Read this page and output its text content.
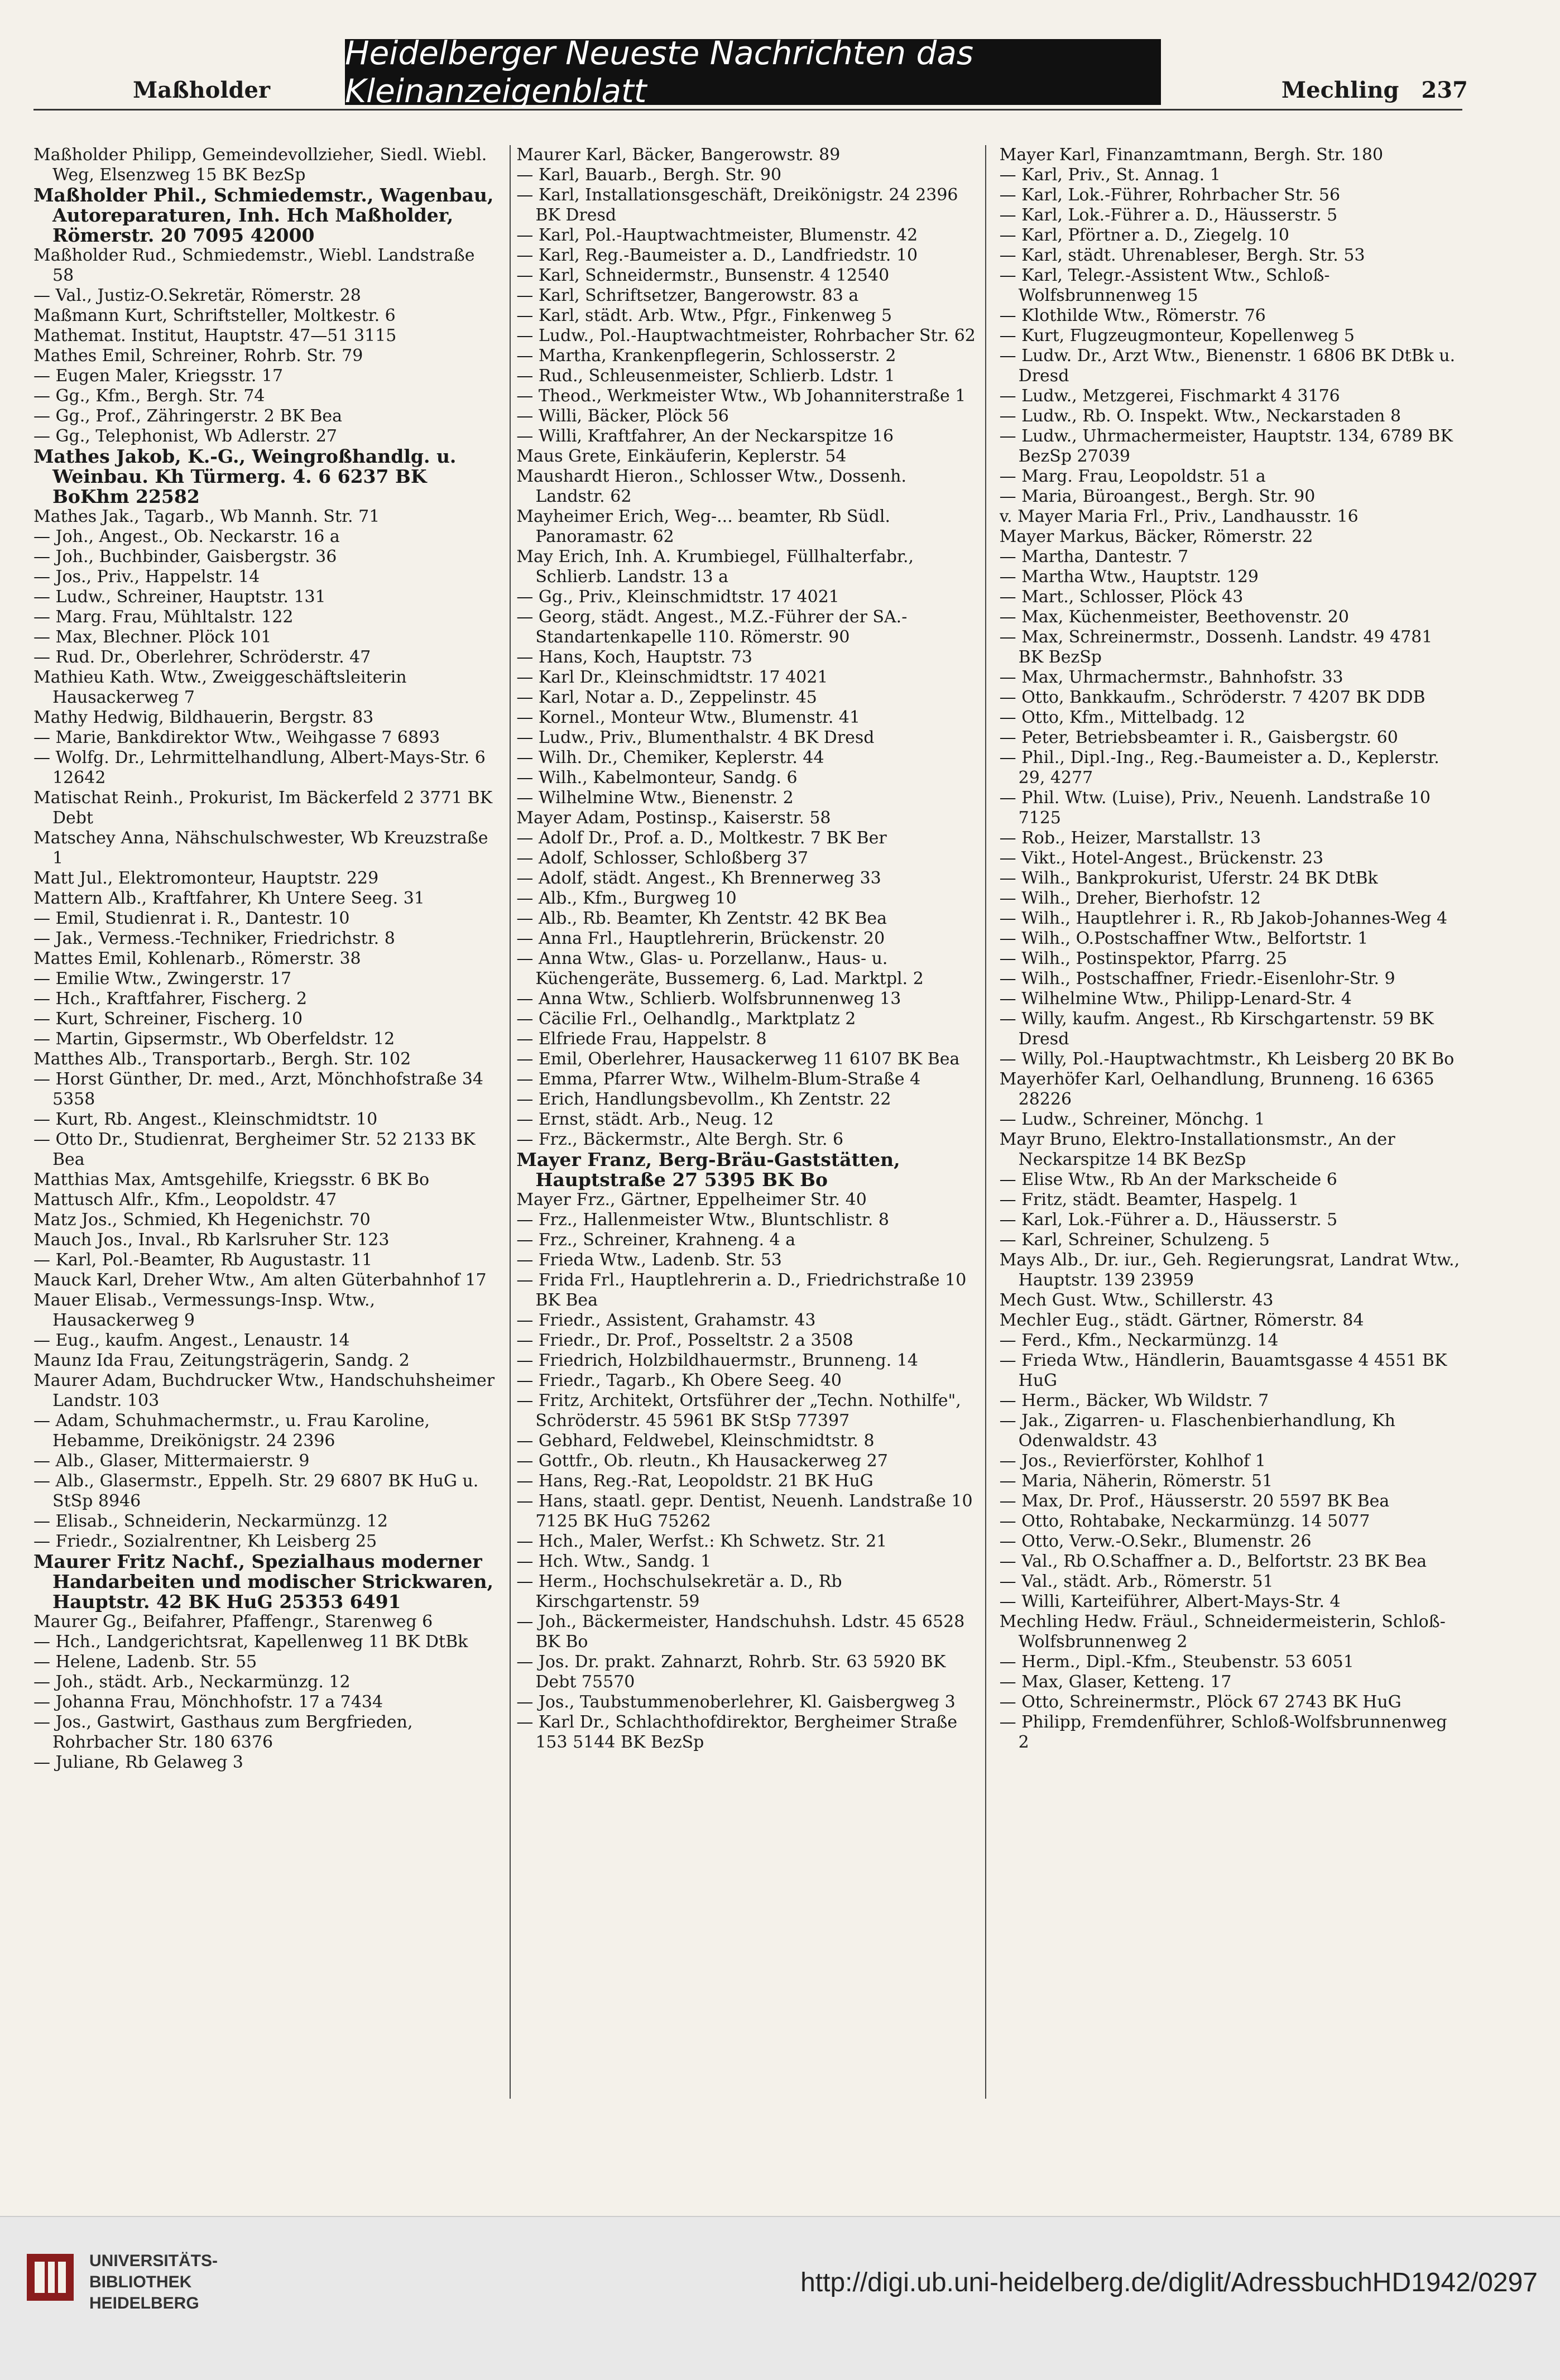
Maßholder
Heidelberger Neueste Nachrichten das Kleinanzeigenblatt	Mechling 237

Maßholder Philipp, Gemeindevollzieher, Siedl. Wiebl. Weg, Elsenzweg 15 BK BezSp

Maßholder Phil., Schmiedemstr., Wagenbau, Autoreparaturen, Inh. Hch Maßholder, Römerstr. 20 7095 42000

Maßholder Rud., Schmiedemstr., Wiebl. Landstraße 58

— Val., Justiz-O.Sekretär, Römerstr. 28

Maßmann Kurt, Schriftsteller, Moltkestr. 6

Mathemat. Institut, Hauptstr. 47—51 3115

Mathes Emil, Schreiner, Rohrb. Str. 79

— Eugen Maler, Kriegsstr. 17

— Gg., Kfm., Bergh. Str. 74

— Gg., Prof., Zähringerstr. 2 BK Bea

— Gg., Telephonist, Wb Adlerstr. 27

Mathes Jakob, K.-G., Weingroßhandlg. u. Weinbau. Kh Türmerg. 4. 6 6237 BK BoKhm 22582

Mathes Jak., Tagarb., Wb Mannh. Str. 71

— Joh., Angest., Ob. Neckarstr. 16 a

— Joh., Buchbinder, Gaisbergstr. 36

— Jos., Priv., Happelstr. 14

— Ludw., Schreiner, Hauptstr. 131

— Marg. Frau, Mühltalstr. 122

— Max, Blechner. Plöck 101

— Rud. Dr., Oberlehrer, Schröderstr. 47

Mathieu Kath. Wtw., Zweiggeschäftsleiterin Hausackerweg 7

Mathy Hedwig, Bildhauerin, Bergstr. 83

— Marie, Bankdirektor Wtw., Weihgasse 7 6893

— Wolfg. Dr., Lehrmittelhandlung, Albert-Mays-Str. 6 12642

Matischat Reinh., Prokurist, Im Bäckerfeld 2 3771 BK Debt

Matschey Anna, Nähschulschwester, Wb Kreuzstraße 1

Matt Jul., Elektromonteur, Hauptstr. 229

Mattern Alb., Kraftfahrer, Kh Untere Seeg. 31

— Emil, Studienrat i. R., Dantestr. 10

— Jak., Vermess.-Techniker, Friedrichstr. 8

Mattes Emil, Kohlenarb., Römerstr. 38

— Emilie Wtw., Zwingerstr. 17

— Hch., Kraftfahrer, Fischerg. 2

— Kurt, Schreiner, Fischerg. 10

— Martin, Gipsermstr., Wb Oberfeldstr. 12

Matthes Alb., Transportarb., Bergh. Str. 102

— Horst Günther, Dr. med., Arzt, Mönchhofstraße 34 5358

— Kurt, Rb. Angest., Kleinschmidtstr. 10

— Otto Dr., Studienrat, Bergheimer Str. 52 2133 BK Bea

Matthias Max, Amtsgehilfe, Kriegsstr. 6 BK Bo

Mattusch Alfr., Kfm., Leopoldstr. 47

Matz Jos., Schmied, Kh Hegenichstr. 70

Mauch Jos., Inval., Rb Karlsruher Str. 123

— Karl, Pol.-Beamter, Rb Augustastr. 11

Mauck Karl, Dreher Wtw., Am alten Güterbahnhof 17

Mauer Elisab., Vermessungs-Insp. Wtw., Hausackerweg 9

— Eug., kaufm. Angest., Lenaustr. 14

Maunz Ida Frau, Zeitungsträgerin, Sandg. 2

Maurer Adam, Buchdrucker Wtw., Handschuhsheimer Landstr. 103

— Adam, Schuhmachermstr., u. Frau Karoline, Hebamme, Dreikönigstr. 24 2396

— Alb., Glaser, Mittermaierstr. 9

— Alb., Glasermstr., Eppelh. Str. 29 6807 BK HuG u. StSp 8946

— Elisab., Schneiderin, Neckarmünzg. 12

— Friedr., Sozialrentner, Kh Leisberg 25

Maurer Fritz Nachf., Spezialhaus moderner Handarbeiten und modischer Strickwaren, Hauptstr. 42 BK HuG 25353 6491

Maurer Gg., Beifahrer, Pfaffengr., Starenweg 6

— Hch., Landgerichtsrat, Kapellenweg 11 BK DtBk

— Helene, Ladenb. Str. 55

— Joh., städt. Arb., Neckarmünzg. 12

— Johanna Frau, Mönchhofstr. 17 a 7434

— Jos., Gastwirt, Gasthaus zum Bergfrieden, Rohrbacher Str. 180 6376

— Juliane, Rb Gelaweg 3

Maurer Karl, Bäcker, Bangerowstr. 89

— Karl, Bauarb., Bergh. Str. 90

— Karl, Installationsgeschäft, Dreikönigstr. 24 2396 BK Dresd

— Karl, Pol.-Hauptwachtmeister, Blumenstr. 42

— Karl, Reg.-Baumeister a. D., Landfriedstr. 10

— Karl, Schneidermstr., Bunsenstr. 4 12540

— Karl, Schriftsetzer, Bangerowstr. 83 a

— Karl, städt. Arb. Wtw., Pfgr., Finkenweg 5

— Ludw., Pol.-Hauptwachtmeister, Rohrbacher Str. 62

— Martha, Krankenpflegerin, Schlosserstr. 2

— Rud., Schleusenmeister, Schlierb. Ldstr. 1

— Theod., Werkmeister Wtw., Wb Johanniterstraße 1

— Willi, Bäcker, Plöck 56

— Willi, Kraftfahrer, An der Neckarspitze 16

Maus Grete, Einkäuferin, Keplerstr. 54

Maushardt Hieron., Schlosser Wtw., Dossenh. Landstr. 62

Mayheimer Erich, Weg-... beamter, Rb Südl. Panoramastr. 62

May Erich, Inh. A. Krumbiegel, Füllhalterfabr., Schlierb. Landstr. 13 a

— Gg., Priv., Kleinschmidtstr. 17 4021

— Georg, städt. Angest., M.Z.-Führer der SA.-Standartenkapelle 110. Römerstr. 90

— Hans, Koch, Hauptstr. 73

— Karl Dr., Kleinschmidtstr. 17 4021

— Karl, Notar a. D., Zeppelinstr. 45

— Kornel., Monteur Wtw., Blumenstr. 41

— Ludw., Priv., Blumenthalstr. 4 BK Dresd

— Wilh. Dr., Chemiker, Keplerstr. 44

— Wilh., Kabelmonteur, Sandg. 6

— Wilhelmine Wtw., Bienenstr. 2

Mayer Adam, Postinsp., Kaiserstr. 58

— Adolf Dr., Prof. a. D., Moltkestr. 7 BK Ber

— Adolf, Schlosser, Schloßberg 37

— Adolf, städt. Angest., Kh Brennerweg 33

— Alb., Kfm., Burgweg 10

— Alb., Rb. Beamter, Kh Zentstr. 42 BK Bea

— Anna Frl., Hauptlehrerin, Brückenstr. 20

— Anna Wtw., Glas- u. Porzellanw., Haus- u. Küchengeräte, Bussemerg. 6, Lad. Marktpl. 2

— Anna Wtw., Schlierb. Wolfsbrunnenweg 13

— Cäcilie Frl., Oelhandlg., Marktplatz 2

— Elfriede Frau, Happelstr. 8

— Emil, Oberlehrer, Hausackerweg 11 6107 BK Bea

— Emma, Pfarrer Wtw., Wilhelm-Blum-Straße 4

— Erich, Handlungsbevollm., Kh Zentstr. 22

— Ernst, städt. Arb., Neug. 12

— Frz., Bäckermstr., Alte Bergh. Str. 6

Mayer Franz, Berg-Bräu-Gaststätten, Hauptstraße 27 5395 BK Bo

Mayer Frz., Gärtner, Eppelheimer Str. 40

— Frz., Hallenmeister Wtw., Bluntschlistr. 8

— Frz., Schreiner, Krahneng. 4 a

— Frieda Wtw., Ladenb. Str. 53

— Frida Frl., Hauptlehrerin a. D., Friedrichstraße 10 BK Bea

— Friedr., Assistent, Grahamstr. 43

— Friedr., Dr. Prof., Posseltstr. 2 a 3508

— Friedrich, Holzbildhauermstr., Brunneng. 14

— Friedr., Tagarb., Kh Obere Seeg. 40

— Fritz, Architekt, Ortsführer der „Techn. Nothilfe", Schröderstr. 45 5961 BK StSp 77397

— Gebhard, Feldwebel, Kleinschmidtstr. 8

— Gottfr., Ob. rleutn., Kh Hausackerweg 27

— Hans, Reg.-Rat, Leopoldstr. 21 BK HuG

— Hans, staatl. gepr. Dentist, Neuenh. Landstraße 10 7125 BK HuG 75262

— Hch., Maler, Werfst.: Kh Schwetz. Str. 21

— Hch. Wtw., Sandg. 1

— Herm., Hochschulsekretär a. D., Rb Kirschgartenstr. 59

— Joh., Bäckermeister, Handschuhsh. Ldstr. 45 6528 BK Bo

— Jos. Dr. prakt. Zahnarzt, Rohrb. Str. 63 5920 BK Debt 75570

— Jos., Taubstummenoberlehrer, Kl. Gaisbergweg 3

— Karl Dr., Schlachthofdirektor, Bergheimer Straße 153 5144 BK BezSp

Mayer Karl, Finanzamtmann, Bergh. Str. 180

— Karl, Priv., St. Annag. 1

— Karl, Lok.-Führer, Rohrbacher Str. 56

— Karl, Lok.-Führer a. D., Häusserstr. 5

— Karl, Pförtner a. D., Ziegelg. 10

— Karl, städt. Uhrenableser, Bergh. Str. 53

— Karl, Telegr.-Assistent Wtw., Schloß-Wolfsbrunnenweg 15

— Klothilde Wtw., Römerstr. 76

— Kurt, Flugzeugmonteur, Kopellenweg 5

— Ludw. Dr., Arzt Wtw., Bienenstr. 1 6806 BK DtBk u. Dresd

— Ludw., Metzgerei, Fischmarkt 4 3176

— Ludw., Rb. O. Inspekt. Wtw., Neckarstaden 8

— Ludw., Uhrmachermeister, Hauptstr. 134, 6789 BK BezSp 27039

— Marg. Frau, Leopoldstr. 51 a

— Maria, Büroangest., Bergh. Str. 90

v. Mayer Maria Frl., Priv., Landhausstr. 16

Mayer Markus, Bäcker, Römerstr. 22

— Martha, Dantestr. 7

— Martha Wtw., Hauptstr. 129

— Mart., Schlosser, Plöck 43

— Max, Küchenmeister, Beethovenstr. 20

— Max, Schreinermstr., Dossenh. Landstr. 49 4781 BK BezSp

— Max, Uhrmachermstr., Bahnhofstr. 33

— Otto, Bankkaufm., Schröderstr. 7 4207 BK DDB

— Otto, Kfm., Mittelbadg. 12

— Peter, Betriebsbeamter i. R., Gaisbergstr. 60

— Phil., Dipl.-Ing., Reg.-Baumeister a. D., Keplerstr. 29, 4277

— Phil. Wtw. (Luise), Priv., Neuenh. Landstraße 10 7125

— Rob., Heizer, Marstallstr. 13

— Vikt., Hotel-Angest., Brückenstr. 23

— Wilh., Bankprokurist, Uferstr. 24 BK DtBk

— Wilh., Dreher, Bierhofstr. 12

— Wilh., Hauptlehrer i. R., Rb Jakob-Johannes-Weg 4

— Wilh., O.Postschaffner Wtw., Belfortstr. 1

— Wilh., Postinspektor, Pfarrg. 25

— Wilh., Postschaffner, Friedr.-Eisenlohr-Str. 9

— Wilhelmine Wtw., Philipp-Lenard-Str. 4

— Willy, kaufm. Angest., Rb Kirschgartenstr. 59 BK Dresd

— Willy, Pol.-Hauptwachtmstr., Kh Leisberg 20 BK Bo

Mayerhöfer Karl, Oelhandlung, Brunneng. 16 6365 28226

— Ludw., Schreiner, Mönchg. 1

Mayr Bruno, Elektro-Installationsmstr., An der Neckarspitze 14 BK BezSp

— Elise Wtw., Rb An der Markscheide 6

— Fritz, städt. Beamter, Haspelg. 1

— Karl, Lok.-Führer a. D., Häusserstr. 5

— Karl, Schreiner, Schulzeng. 5

Mays Alb., Dr. iur., Geh. Regierungsrat, Landrat Wtw., Hauptstr. 139 23959

Mech Gust. Wtw., Schillerstr. 43

Mechler Eug., städt. Gärtner, Römerstr. 84

— Ferd., Kfm., Neckarmünzg. 14

— Frieda Wtw., Händlerin, Bauamtsgasse 4 4551 BK HuG

— Herm., Bäcker, Wb Wildstr. 7

— Jak., Zigarren- u. Flaschenbierhandlung, Kh Odenwaldstr. 43

— Jos., Revierförster, Kohlhof 1

— Maria, Näherin, Römerstr. 51

— Max, Dr. Prof., Häusserstr. 20 5597 BK Bea

— Otto, Rohtabake, Neckarmünzg. 14 5077

— Otto, Verw.-O.Sekr., Blumenstr. 26

— Val., Rb O.Schaffner a. D., Belfortstr. 23 BK Bea

— Val., städt. Arb., Römerstr. 51

— Willi, Karteiführer, Albert-Mays-Str. 4

Mechling Hedw. Fräul., Schneidermeisterin, Schloß-Wolfsbrunnenweg 2

— Herm., Dipl.-Kfm., Steubenstr. 53 6051

— Max, Glaser, Ketteng. 17

— Otto, Schreinermstr., Plöck 67 2743 BK HuG

— Philipp, Fremdenführer, Schloß-Wolfsbrunnenweg 2

UNIVERSITÄTS-
BIBLIOTHEK
HEIDELBERG
http://digi.ub.uni-heidelberg.de/diglit/AdressbuchHD1942/0297
